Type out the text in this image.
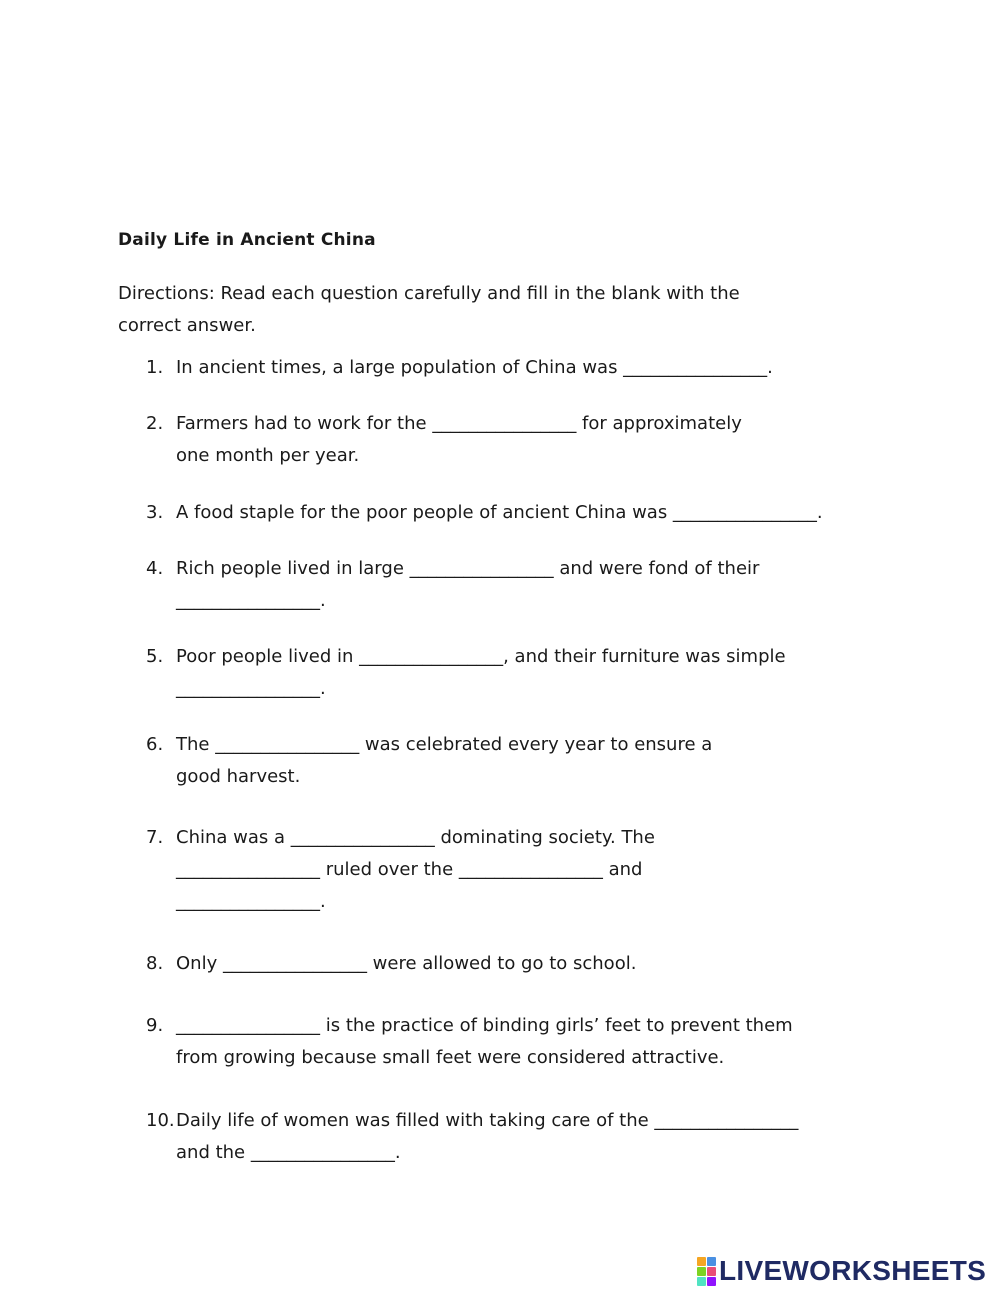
Daily Life in Ancient China
Directions: Read each question carefully and fill in the blank with the correct answer.
1. In ancient times, a large population of China was ________________.
2. Farmers had to work for the ________________ for approximately
one month per year.
3. A food staple for the poor people of ancient China was ________________.
4. Rich people lived in large ________________ and were fond of their
________________.
5. Poor people lived in ________________, and their furniture was simple
________________.
6. The ________________ was celebrated every year to ensure a
good harvest.
7. China was a ________________ dominating society. The
________________ ruled over the ________________ and
________________.
8. Only ________________ were allowed to go to school.
9. ________________ is the practice of binding girls’ feet to prevent them
from growing because small feet were considered attractive.
10.Daily life of women was filled with taking care of the ________________
and the ________________.
LIVEWORKSHEETS
